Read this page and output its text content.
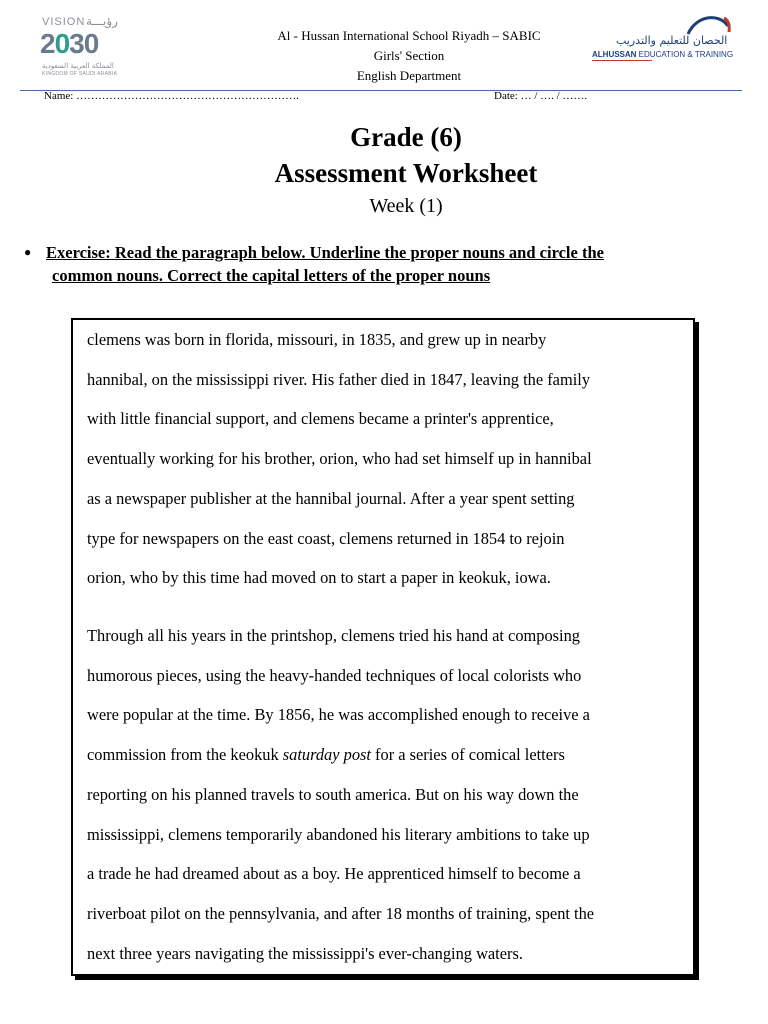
VISION رؤيـــة
2030
المملكة العربية السعودية
KINGDOM OF SAUDI ARABIA
Al - Hussan International School Riyadh – SABIC
Girls' Section
English Department
الحصان للتعليم والتدريب
ALHUSSAN EDUCATION & TRAINING
Name: …………………………………………………….	Date: … / …. / …….
Grade (6)
Assessment Worksheet
Week (1)
● Exercise: Read the paragraph below. Underline the proper nouns and circle the
common nouns. Correct the capital letters of the proper nouns
clemens was born in florida, missouri, in 1835, and grew up in nearby
hannibal, on the mississippi river. His father died in 1847, leaving the family
with little financial support, and clemens became a printer's apprentice,
eventually working for his brother, orion, who had set himself up in hannibal
as a newspaper publisher at the hannibal journal. After a year spent setting
type for newspapers on the east coast, clemens returned in 1854 to rejoin
orion, who by this time had moved on to start a paper in keokuk, iowa.
Through all his years in the printshop, clemens tried his hand at composing
humorous pieces, using the heavy-handed techniques of local colorists who
were popular at the time. By 1856, he was accomplished enough to receive a
commission from the keokuk saturday post for a series of comical letters
reporting on his planned travels to south america. But on his way down the
mississippi, clemens temporarily abandoned his literary ambitions to take up
a trade he had dreamed about as a boy. He apprenticed himself to become a
riverboat pilot on the pennsylvania, and after 18 months of training, spent the
next three years navigating the mississippi's ever-changing waters.
